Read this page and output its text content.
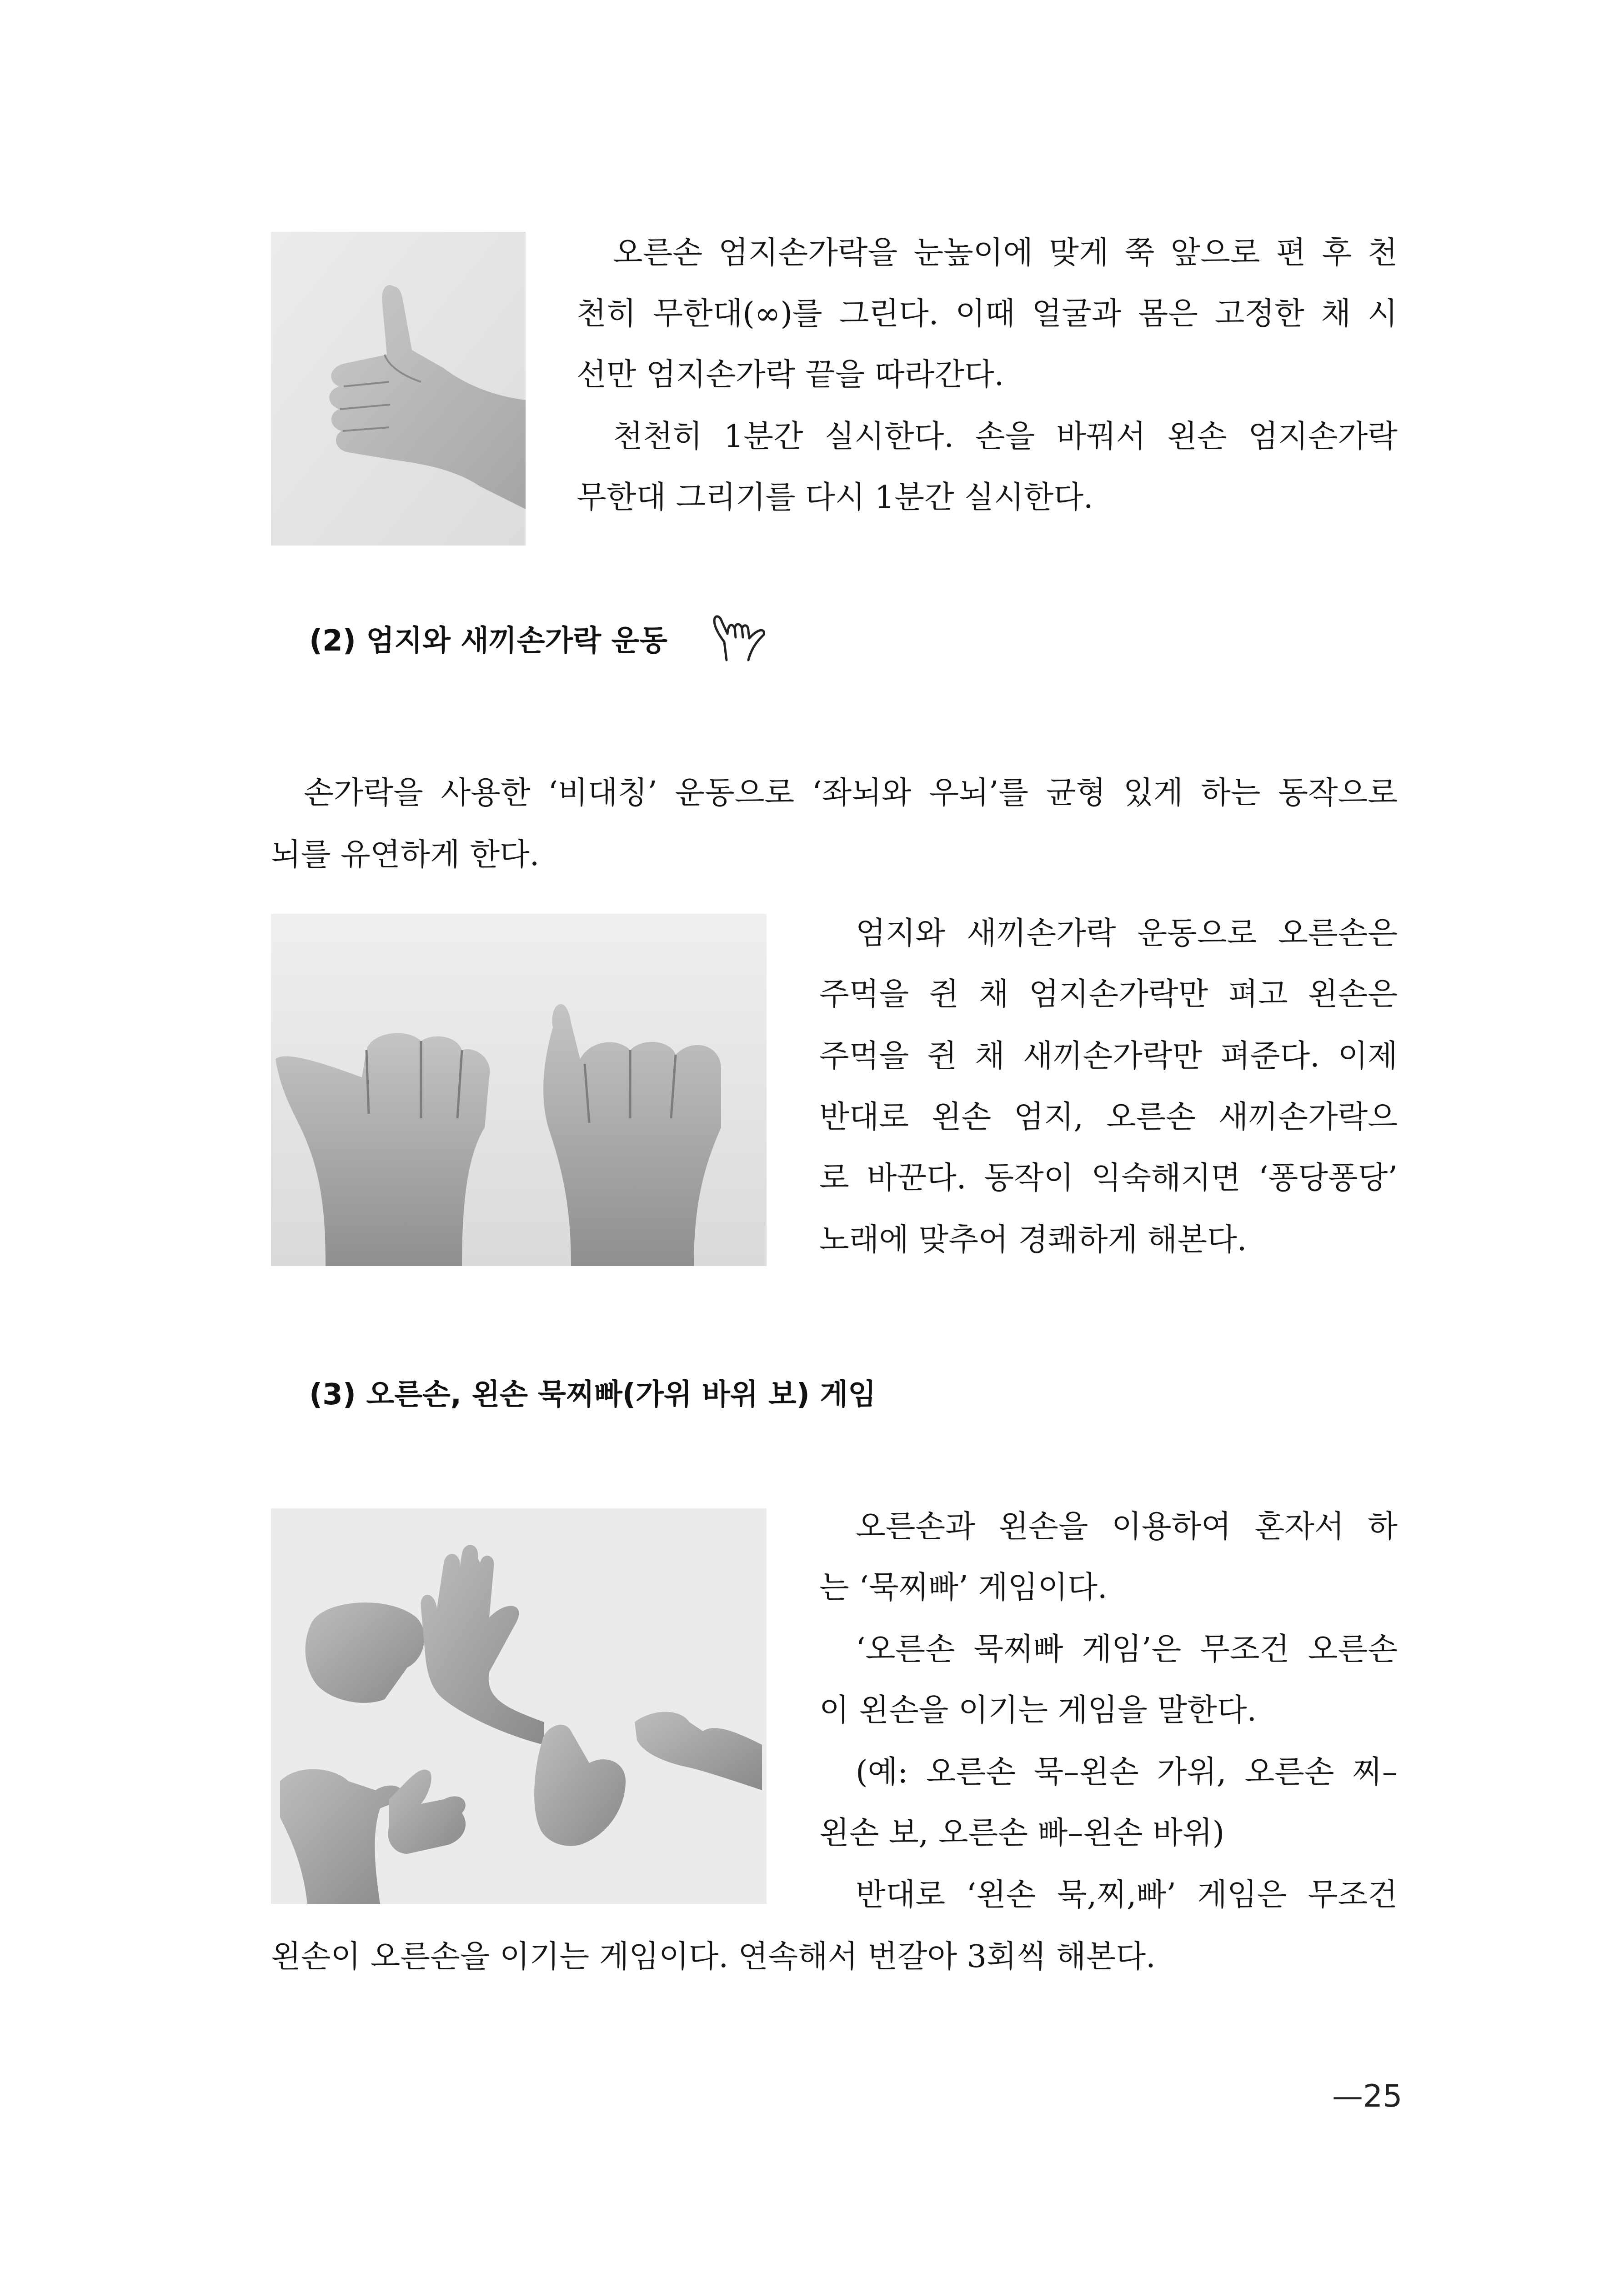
오른손 엄지손가락을 눈높이에 맞게 쭉 앞으로 편 후 천
천히 무한대(∞)를 그린다. 이때 얼굴과 몸은 고정한 채 시
선만 엄지손가락 끝을 따라간다.
천천히 1분간 실시한다. 손을 바꿔서 왼손 엄지손가락
무한대 그리기를 다시 1분간 실시한다.
(2) 엄지와 새끼손가락 운동
손가락을 사용한 ‘비대칭’ 운동으로 ‘좌뇌와 우뇌’를 균형 있게 하는 동작으로
뇌를 유연하게 한다.
엄지와 새끼손가락 운동으로 오른손은
주먹을 쥔 채 엄지손가락만 펴고 왼손은
주먹을 쥔 채 새끼손가락만 펴준다. 이제
반대로 왼손 엄지, 오른손 새끼손가락으
로 바꾼다. 동작이 익숙해지면 ‘퐁당퐁당’
노래에 맞추어 경쾌하게 해본다.
(3) 오른손, 왼손 묵찌빠(가위 바위 보) 게임
오른손과 왼손을 이용하여 혼자서 하
는 ‘묵찌빠’ 게임이다.
‘오른손 묵찌빠 게임’은 무조건 오른손
이 왼손을 이기는 게임을 말한다.
(예: 오른손 묵–왼손 가위, 오른손 찌–
왼손 보, 오른손 빠–왼손 바위)
반대로 ‘왼손 묵,찌,빠’ 게임은 무조건
왼손이 오른손을 이기는 게임이다. 연속해서 번갈아 3회씩 해본다.
—25
